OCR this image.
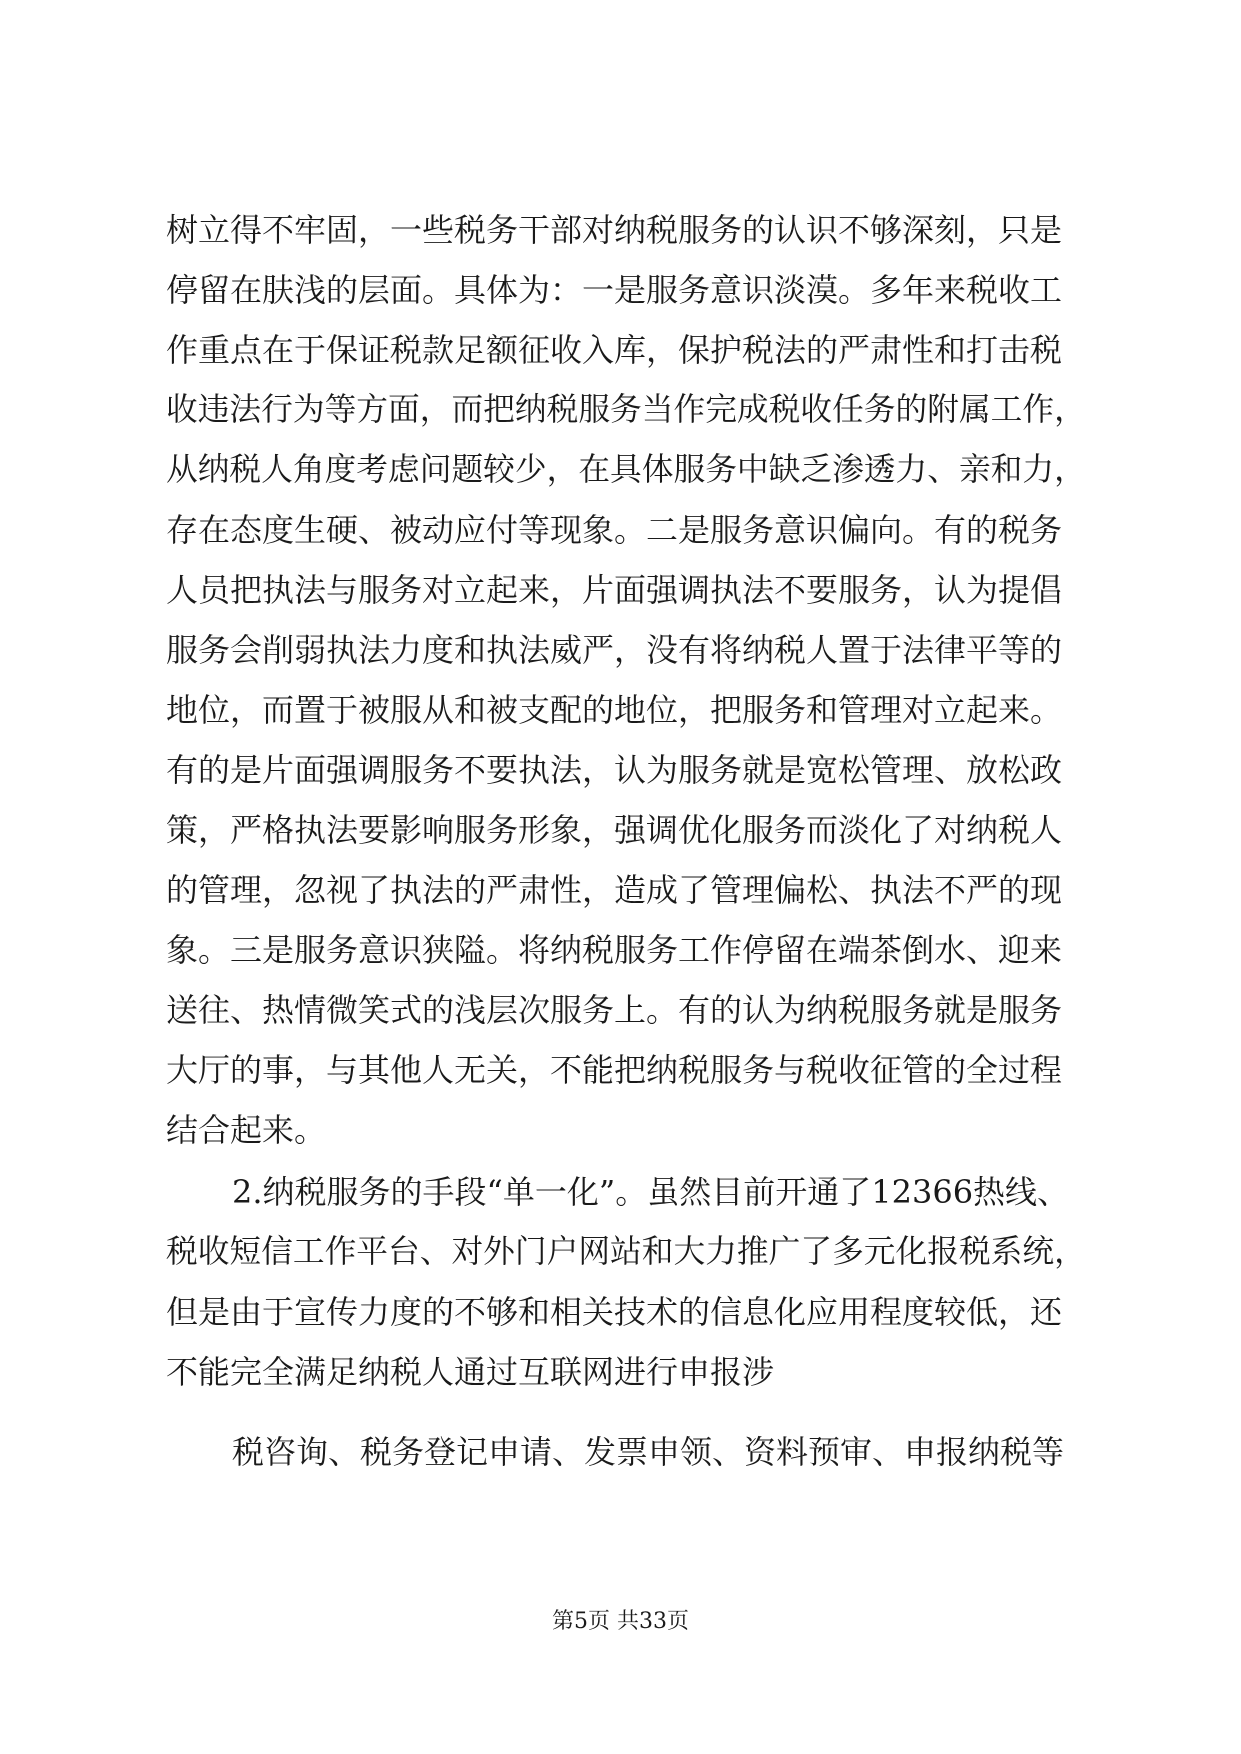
树立得不牢固，一些税务干部对纳税服务的认识不够深刻，只是
停留在肤浅的层面。具体为：一是服务意识淡漠。多年来税收工
作重点在于保证税款足额征收入库，保护税法的严肃性和打击税
收违法行为等方面，而把纳税服务当作完成税收任务的附属工作，
从纳税人角度考虑问题较少，在具体服务中缺乏渗透力、亲和力，
存在态度生硬、被动应付等现象。二是服务意识偏向。有的税务
人员把执法与服务对立起来，片面强调执法不要服务，认为提倡
服务会削弱执法力度和执法威严，没有将纳税人置于法律平等的
地位，而置于被服从和被支配的地位，把服务和管理对立起来。
有的是片面强调服务不要执法，认为服务就是宽松管理、放松政
策，严格执法要影响服务形象，强调优化服务而淡化了对纳税人
的管理，忽视了执法的严肃性，造成了管理偏松、执法不严的现
象。三是服务意识狭隘。将纳税服务工作停留在端茶倒水、迎来
送往、热情微笑式的浅层次服务上。有的认为纳税服务就是服务
大厅的事，与其他人无关，不能把纳税服务与税收征管的全过程
结合起来。
2.纳税服务的手段“单一化”。虽然目前开通了12366热线、
税收短信工作平台、对外门户网站和大力推广了多元化报税系统，
但是由于宣传力度的不够和相关技术的信息化应用程度较低，还
不能完全满足纳税人通过互联网进行申报涉
税咨询、税务登记申请、发票申领、资料预审、申报纳税等
第5页 共33页
